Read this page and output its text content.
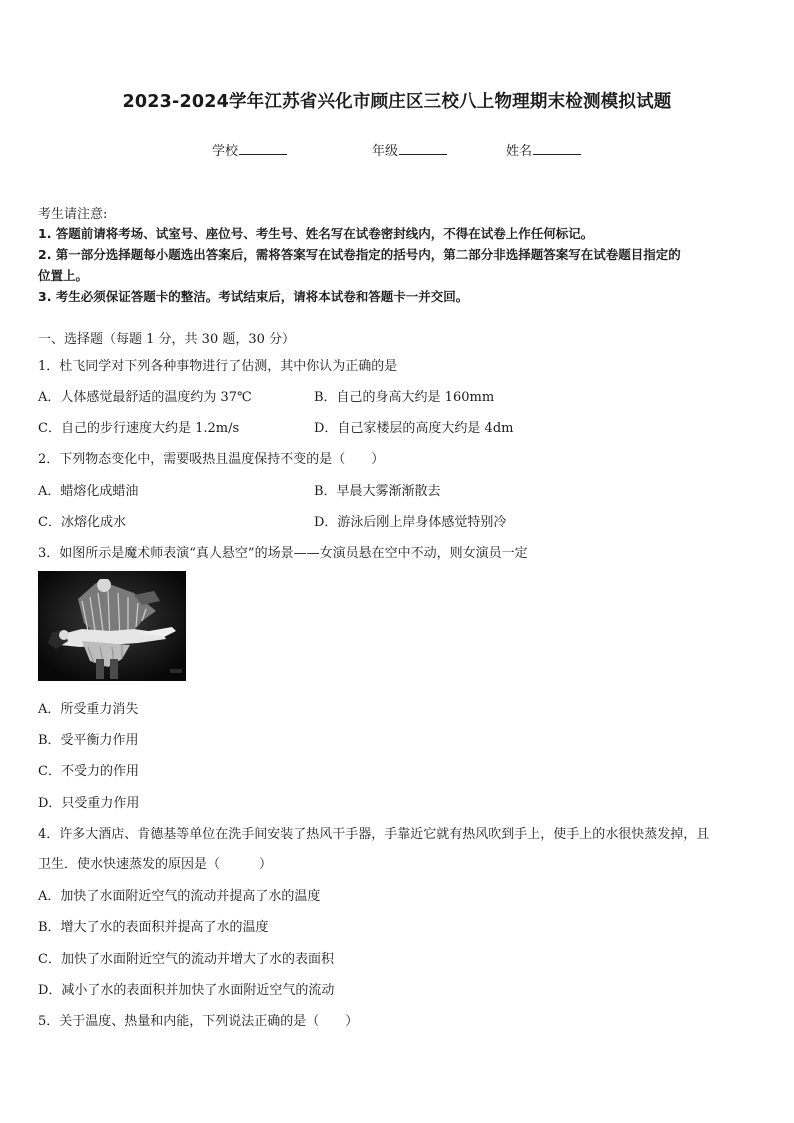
2023-2024学年江苏省兴化市顾庄区三校八上物理期末检测模拟试题
学校	年级	姓名
考生请注意:
1. 答题前请将考场、试室号、座位号、考生号、姓名写在试卷密封线内，不得在试卷上作任何标记。
2. 第一部分选择题每小题选出答案后，需将答案写在试卷指定的括号内，第二部分非选择题答案写在试卷题目指定的
位置上。
3. 考生必须保证答题卡的整洁。考试结束后，请将本试卷和答题卡一并交回。
一、选择题（每题 1 分，共 30 题，30 分）
1．杜飞同学对下列各种事物进行了估测，其中你认为正确的是
A．人体感觉最舒适的温度约为 37℃	B．自己的身高大约是 160mm
C．自己的步行速度大约是 1.2m/s	D．自己家楼层的高度大约是 4dm
2．下列物态变化中，需要吸热且温度保持不变的是（　　）
A．蜡熔化成蜡油	B．早晨大雾渐渐散去
C．冰熔化成水	D．游泳后刚上岸身体感觉特别冷
3．如图所示是魔术师表演“真人悬空”的场景——女演员悬在空中不动，则女演员一定
A．所受重力消失
B．受平衡力作用
C．不受力的作用
D．只受重力作用
4．许多大酒店、肯德基等单位在洗手间安装了热风干手器，手靠近它就有热风吹到手上，使手上的水很快蒸发掉，且
卫生．使水快速蒸发的原因是（　　　）
A．加快了水面附近空气的流动并提高了水的温度
B．增大了水的表面积并提高了水的温度
C．加快了水面附近空气的流动并增大了水的表面积
D．减小了水的表面积并加快了水面附近空气的流动
5．关于温度、热量和内能，下列说法正确的是（　　）
